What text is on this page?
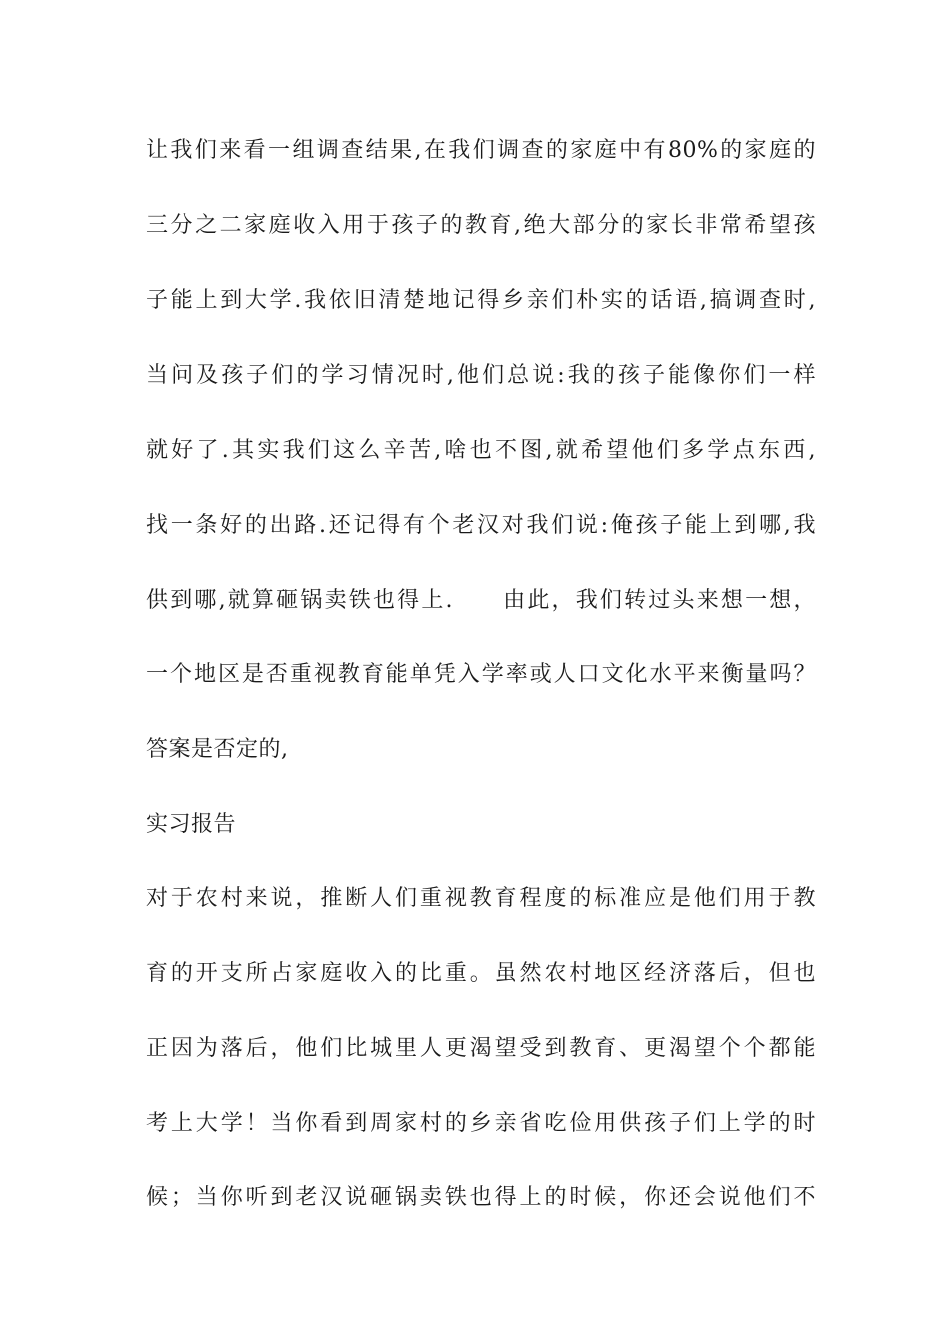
让我们来看一组调查结果,在我们调查的家庭中有80%的家庭的
三分之二家庭收入用于孩子的教育,绝大部分的家长非常希望孩
子能上到大学.我依旧清楚地记得乡亲们朴实的话语,搞调查时,
当问及孩子们的学习情况时,他们总说:我的孩子能像你们一样
就好了.其实我们这么辛苦,啥也不图,就希望他们多学点东西,
找一条好的出路.还记得有个老汉对我们说:俺孩子能上到哪,我
供到哪,就算砸锅卖铁也得上.　　由此，我们转过头来想一想，
一个地区是否重视教育能单凭入学率或人口文化水平来衡量吗？
答案是否定的,
实习报告
对于农村来说，推断人们重视教育程度的标准应是他们用于教
育的开支所占家庭收入的比重。虽然农村地区经济落后，但也
正因为落后，他们比城里人更渴望受到教育、更渴望个个都能
考上大学！当你看到周家村的乡亲省吃俭用供孩子们上学的时
候；当你听到老汉说砸锅卖铁也得上的时候，你还会说他们不
